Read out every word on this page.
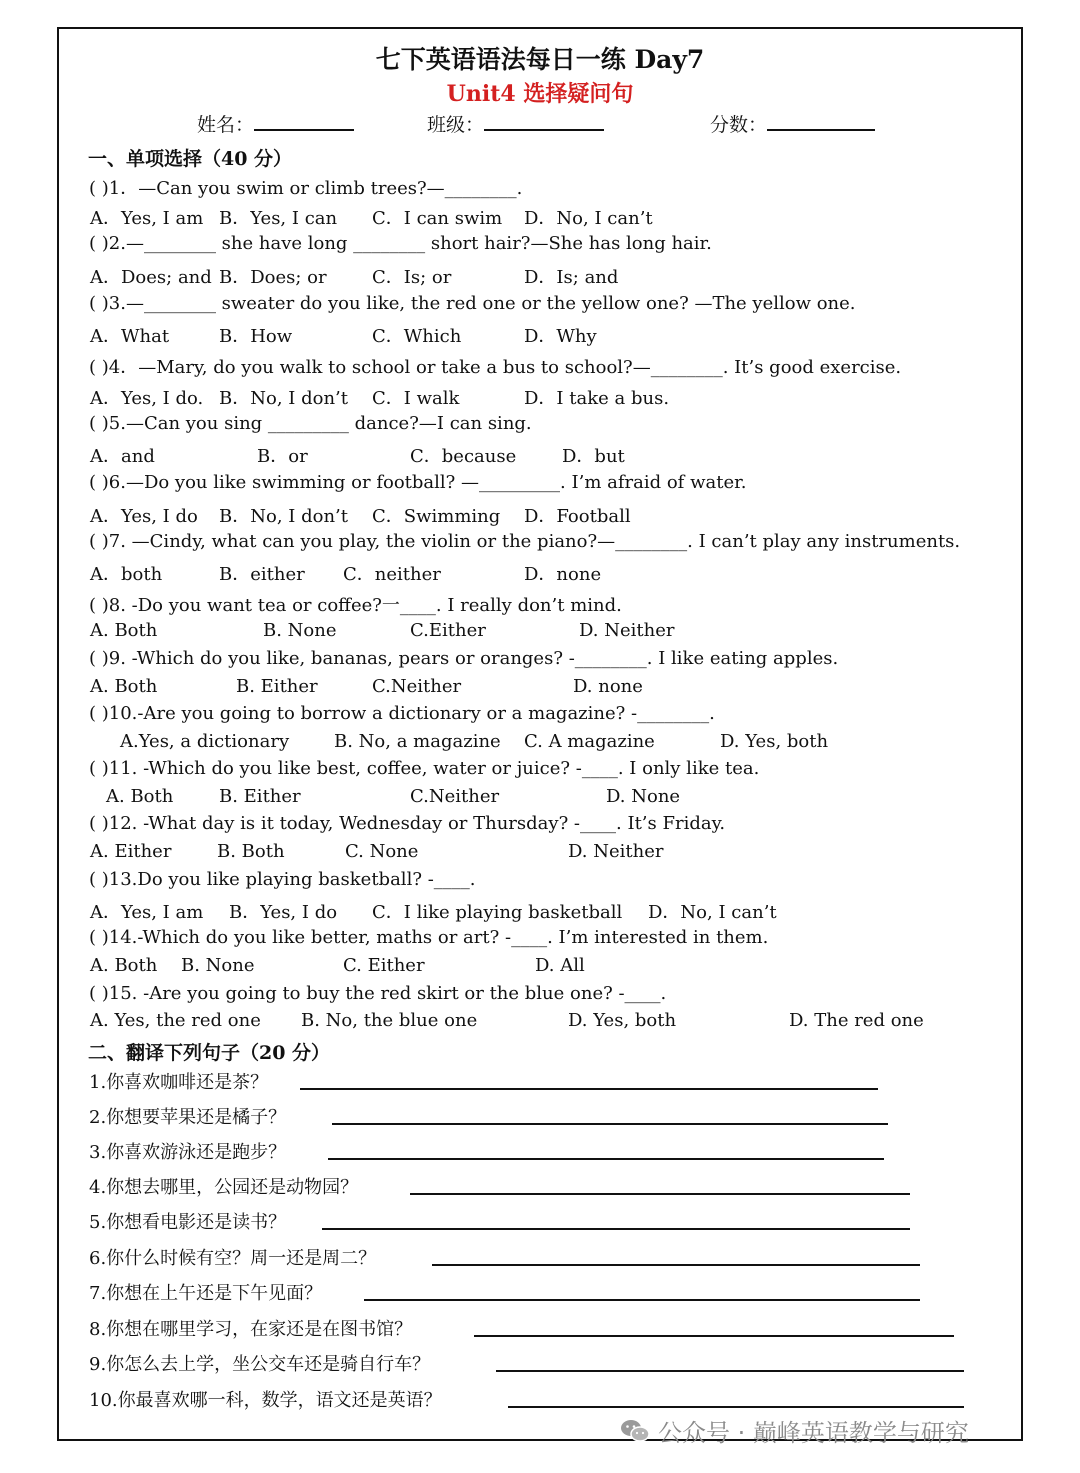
七下英语语法每日一练 Day7
Unit4 选择疑问句
姓名：	班级：	分数：
一、单项选择（40 分）
( )1．—Can you swim or climb trees?—________.
A．Yes, I am B．Yes, I can C．I can swim D．No, I can’t
( )2.—________ she have long ________ short hair?—She has long hair.
A．Does; and B．Does; or	C．Is; or	D．Is; and
( )3.—________ sweater do you like, the red one or the yellow one? —The yellow one.
A．What	B．How	C．Which	D．Why
( )4．—Mary, do you walk to school or take a bus to school?—________. It’s good exercise.
A．Yes, I do. B．No, I don’t C．I walk	D．I take a bus.
( )5.—Can you sing _________ dance?—I can sing.
A．and	B．or	C．because	D．but
( )6.—Do you like swimming or football? —_________. I’m afraid of water.
A．Yes, I do B．No, I don’t C．Swimming D．Football
( )7. —Cindy, what can you play, the violin or the piano?—________. I can’t play any instruments.
A．both	B．either C．neither	D．none
( )8. -Do you want tea or coffee?一____. I really don’t mind.
A. Both	B. None	C.Either	D. Neither
( )9. -Which do you like, bananas, pears or oranges? -________. I like eating apples.
A. Both	B. Either	C.Neither	D. none
( )10.-Are you going to borrow a dictionary or a magazine? -________.
A.Yes, a dictionary B. No, a magazine C. A magazine	D. Yes, both
( )11. -Which do you like best, coffee, water or juice? -____. I only like tea.
A. Both	B. Either	C.Neither	D. None
( )12. -What day is it today, Wednesday or Thursday? -____. It’s Friday.
A. Either	B. Both	C. None	D. Neither
( )13.Do you like playing basketball? -____.
A．Yes, I am B．Yes, I do C．I like playing basketball D．No, I can’t
( )14.-Which do you like better, maths or art? -____. I’m interested in them.
A. Both B. None	C. Either	D. All
( )15. -Are you going to buy the red skirt or the blue one? -____.
A. Yes, the red one B. No, the blue one	D. Yes, both	D. The red one
二、翻译下列句子（20 分）
1.你喜欢咖啡还是茶？
2.你想要苹果还是橘子？
3.你喜欢游泳还是跑步？
4.你想去哪里，公园还是动物园？
5.你想看电影还是读书？
6.你什么时候有空？周一还是周二？
7.你想在上午还是下午见面？
8.你想在哪里学习，在家还是在图书馆？
9.你怎么去上学，坐公交车还是骑自行车？
10.你最喜欢哪一科，数学，语文还是英语？
公众号 · 巅峰英语教学与研究
